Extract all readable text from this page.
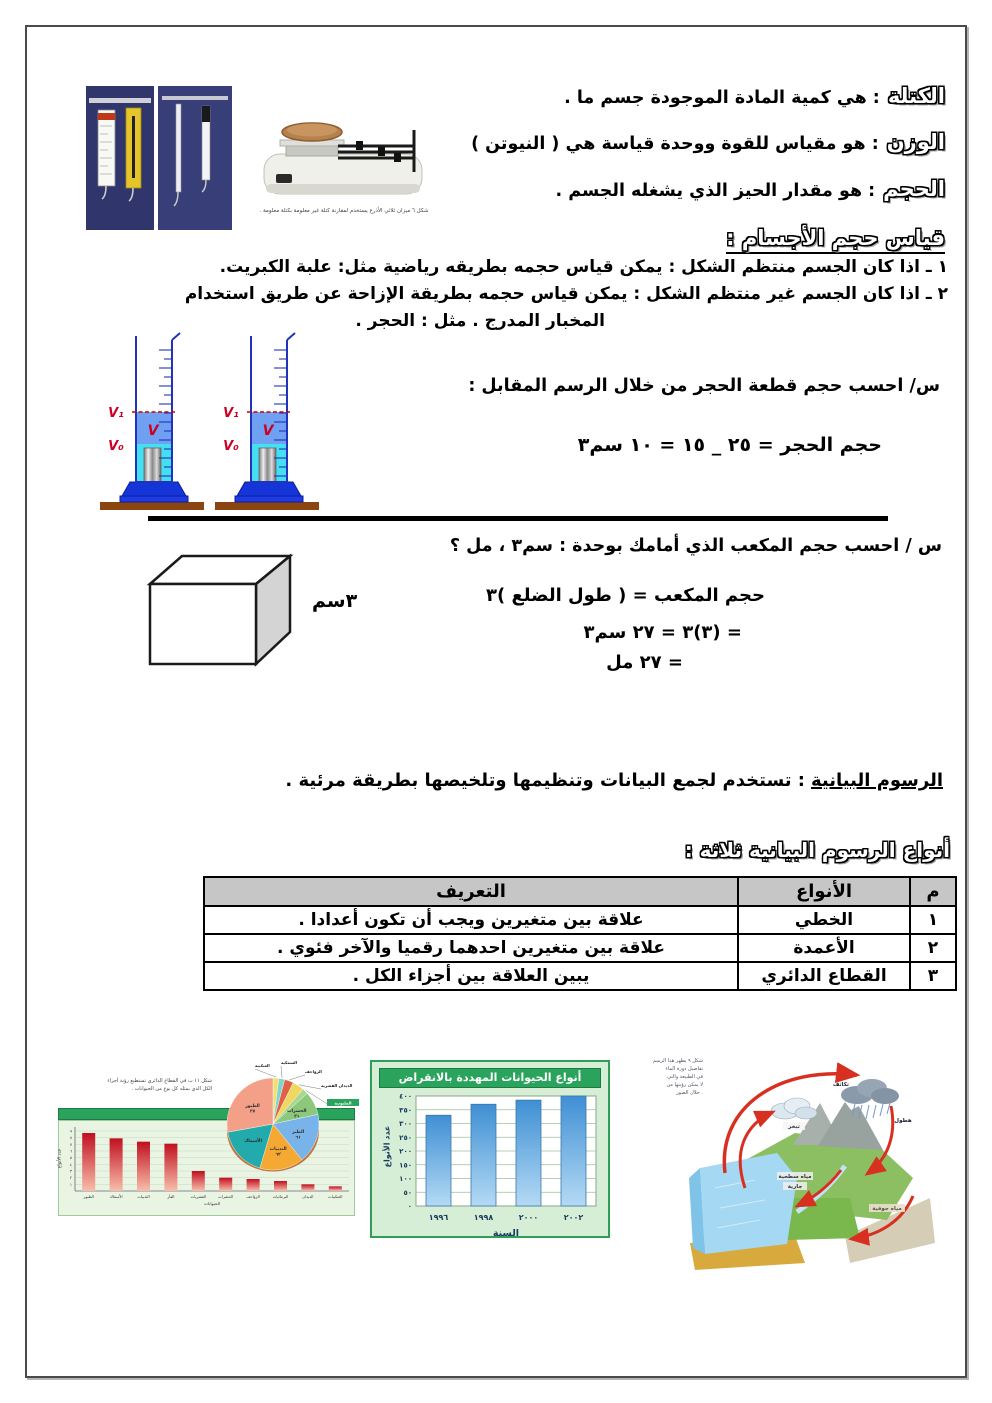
شكل ٦ ميزان ثلاثي الأذرع يستخدم لمقارنة كتلة غير معلومة بكتلة معلومة .
الكتلة: هي كمية المادة الموجودة جسم ما .
الوزن: هو مقياس للقوة ووحدة قياسة هي ( النيوتن )
الحجم: هو مقدار الحيز الذي يشغله الجسم .
قياس حجم الأجسام :
١ ـ اذا كان الجسم منتظم الشكل : يمكن قياس حجمه بطريقه رياضية مثل: علبة الكبريت.
٢ ـ اذا كان الجسم غير منتظم الشكل : يمكن قياس حجمه بطريقة الإزاحة عن طريق استخدام
المخبار المدرج . مثل : الحجر .
V₁
V
V₀
V₁
V
V₀
س/ احسب حجم قطعة الحجر من خلال الرسم المقابل :
حجم الحجر = ٢٥ _ ١٥ = ١٠ سم٣
س / احسب حجم المكعب الذي أمامك بوحدة : سم٣ ، مل ؟
٣سم	حجم المكعب = ( طول الضلع )٣
= (٣)٣ = ٢٧ سم٣
= ٢٧ مل
الرسوم البيانية: تستخدم لجمع البيانات وتنظيمها وتلخيصها بطريقة مرئية .
أنواع الرسوم البيانية ثلاثة :
م	الأنواع	التعريف
١	الخطي	علاقة بين متغيرين ويجب أن تكون أعدادا .
٢	الأعمدة	علاقة بين متغيرين احدهما رقميا والآخر فئوي .
٣	القطاع الدائري	يبين العلاقة بين أجزاء الكل .
شكل ١١ ب في القطاع الدائري تستطيع رؤية أجزاء
الكل الذي يمثله كل نوع من الحيوانات .
١
٢
٣
٤
٥
٦
٧
٨
٩
الطيور	الأسماك	الثدييات	الفأر	القشريات	الحشرات	الزواحف	البرمائيات	الديدان	العنكبيات
الحيوانات
عدد الأنواع
العنكبية
السمكية
الزواحف
الديدان القشرية
المليونية
الحشرات
٣١
الطير
٦١
الثدييات
٦٢
الأسماك
الطيور
٣٧
أنواع الحيوانات المهددة بالانقراض
٠
٥٠
١٠٠
١٥٠
٢٠٠
٢٥٠
٣٠٠
٣٥٠
٤٠٠
١٩٩٦	١٩٩٨	٢٠٠٠	٢٠٠٢
السنة
عدد الأنواع
شكل ٩ يظهر هذا الرسم
تفاصيل دورة الماء
في الطبيعة والتي
لا يمكن رؤيتها من
خلال الصور .
تبخر
تكاثف
هطول
مياه سطحية
جارية
مياه جوفية
